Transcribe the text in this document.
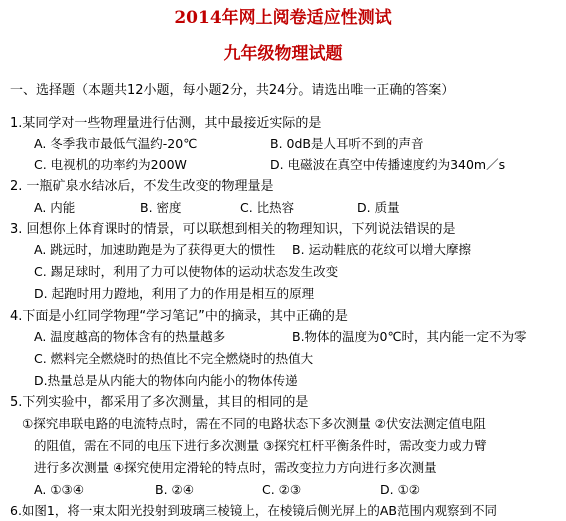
2014年网上阅卷适应性测试
九年级物理试题
一、选择题（本题共12小题，每小题2分，共24分。请选出唯一正确的答案）
1.某同学对一些物理量进行估测，其中最接近实际的是
A. 冬季我市最低气温约-20℃	B. 0dB是人耳听不到的声音
C. 电视机的功率约为200W	D. 电磁波在真空中传播速度约为340m／s
2. 一瓶矿泉水结冰后，不发生改变的物理量是
A. 内能	B. 密度	C. 比热容	D. 质量
3. 回想你上体育课时的情景，可以联想到相关的物理知识，下列说法错误的是
A. 跳远时，加速助跑是为了获得更大的惯性 B. 运动鞋底的花纹可以增大摩擦
C. 踢足球时，利用了力可以使物体的运动状态发生改变
D. 起跑时用力蹬地，利用了力的作用是相互的原理
4.下面是小红同学物理“学习笔记”中的摘录，其中正确的是
A. 温度越高的物体含有的热量越多	B.物体的温度为0℃时，其内能一定不为零
C. 燃料完全燃烧时的热值比不完全燃烧时的热值大
D.热量总是从内能大的物体向内能小的物体传递
5.下列实验中，都采用了多次测量，其目的相同的是
①探究串联电路的电流特点时，需在不同的电路状态下多次测量 ②伏安法测定值电阻
的阻值，需在不同的电压下进行多次测量 ③探究杠杆平衡条件时，需改变力或力臂
进行多次测量 ④探究使用定滑轮的特点时，需改变拉力方向进行多次测量
A. ①③④	B. ②④	C. ②③	D. ①②
6.如图1，将一束太阳光投射到玻璃三棱镜上，在棱镜后侧光屏上的AB范围内观察到不同
